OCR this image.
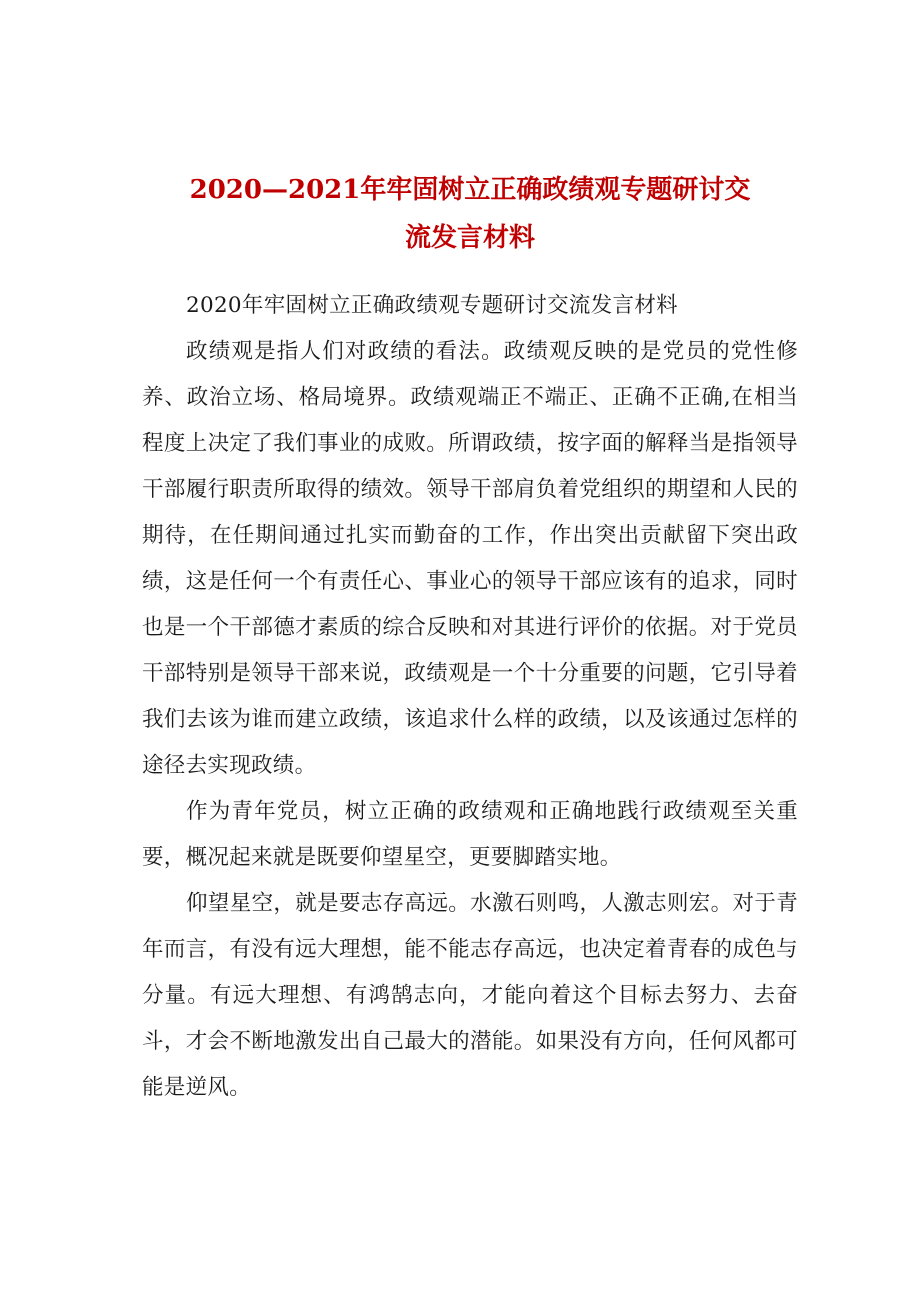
2020—2021年牢固树立正确政绩观专题研讨交
流发言材料

2020年牢固树立正确政绩观专题研讨交流发言材料

政绩观是指人们对政绩的看法。政绩观反映的是党员的党性修养、政治立场、格局境界。政绩观端正不端正、正确不正确,在相当程度上决定了我们事业的成败。所谓政绩，按字面的解释当是指领导干部履行职责所取得的绩效。领导干部肩负着党组织的期望和人民的期待，在任期间通过扎实而勤奋的工作，作出突出贡献留下突出政绩，这是任何一个有责任心、事业心的领导干部应该有的追求，同时也是一个干部德才素质的综合反映和对其进行评价的依据。对于党员干部特别是领导干部来说，政绩观是一个十分重要的问题，它引导着我们去该为谁而建立政绩，该追求什么样的政绩，以及该通过怎样的途径去实现政绩。

作为青年党员，树立正确的政绩观和正确地践行政绩观至关重要，概况起来就是既要仰望星空，更要脚踏实地。

仰望星空，就是要志存高远。水激石则鸣，人激志则宏。对于青年而言，有没有远大理想，能不能志存高远，也决定着青春的成色与分量。有远大理想、有鸿鹄志向，才能向着这个目标去努力、去奋斗，才会不断地激发出自己最大的潜能。如果没有方向，任何风都可能是逆风。
